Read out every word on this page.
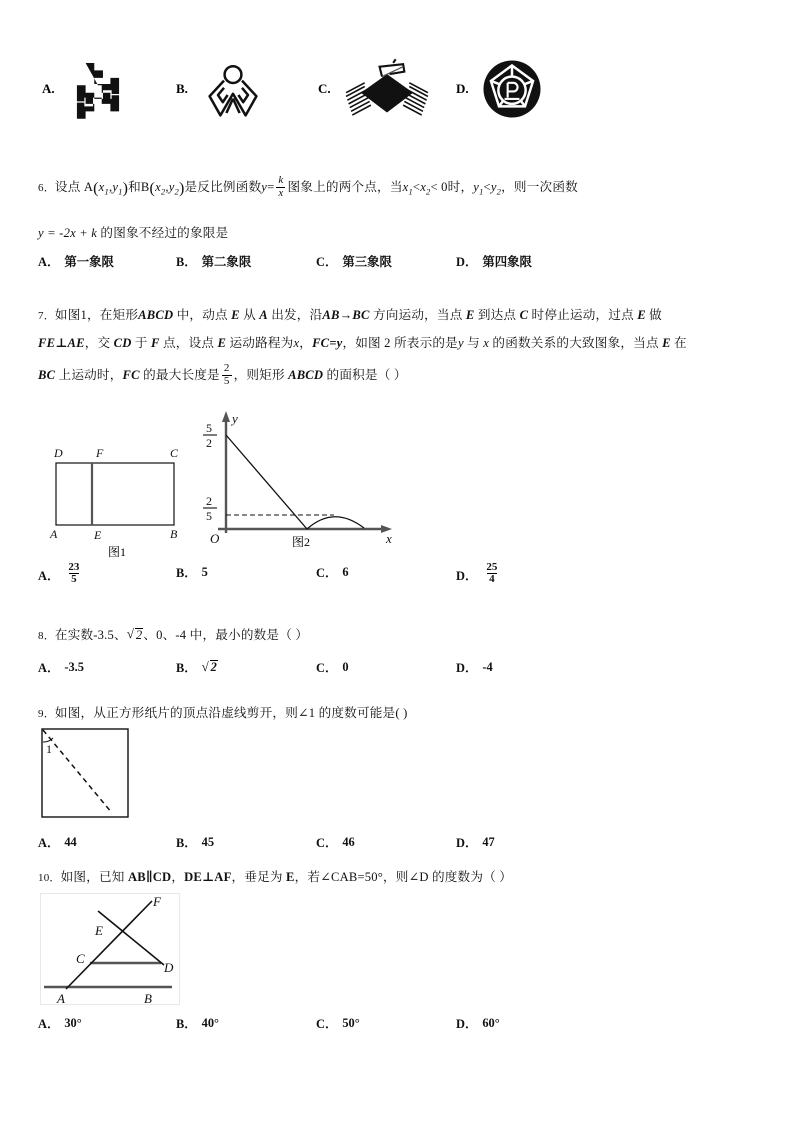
A.	B.	C.	D.
6．设点 $A(x_1,y_1)$和$B(x_2,y_2)$是反比例函数$y= \frac{k}{x}$ 图象上的两个点，当$x_1<x_2< 0$时，$y_1<y_2$，则一次函数
y = -2x + k 的图象不经过的象限是
A． 第一象限	B． 第二象限	C． 第三象限	D． 第四象限
7．如图1，在矩形ABCD 中，动点 E 从 A 出发，沿AB→BC 方向运动，当点 E 到达点 C 时停止运动，过点 E 做
FE⊥AE，交 CD 于 F 点，设点 E 运动路程为x，FC=y，如图 2 所表示的是y 与 x 的函数关系的大致图象，当点 E 在
BC 上运动时，FC 的最大长度是 $\frac{2}{5}$ ，则矩形 ABCD 的面积是（ ）
D	F	C
A	E	B
图1
y
x
O
5
2
2
5
图2
A． $\frac{23}{5}$	B． 5	C． 6	D． $\frac{25}{4}$
8．在实数-3.5、 √ 2、0、-4 中，最小的数是（ ）
A． -3.5	B．	√ 2	C． 0	D． -4
9．如图，从正方形纸片的顶点沿虚线剪开，则∠1 的度数可能是( )
1
A． 44	B． 45	C． 46	D． 47
10．如图，已知 AB∥CD，DE⊥AF，垂足为 E，若∠CAB=50°，则∠D 的度数为（ ）
A	B
C
D
E
F
A． 30°	B． 40°	C． 50°	D． 60°
